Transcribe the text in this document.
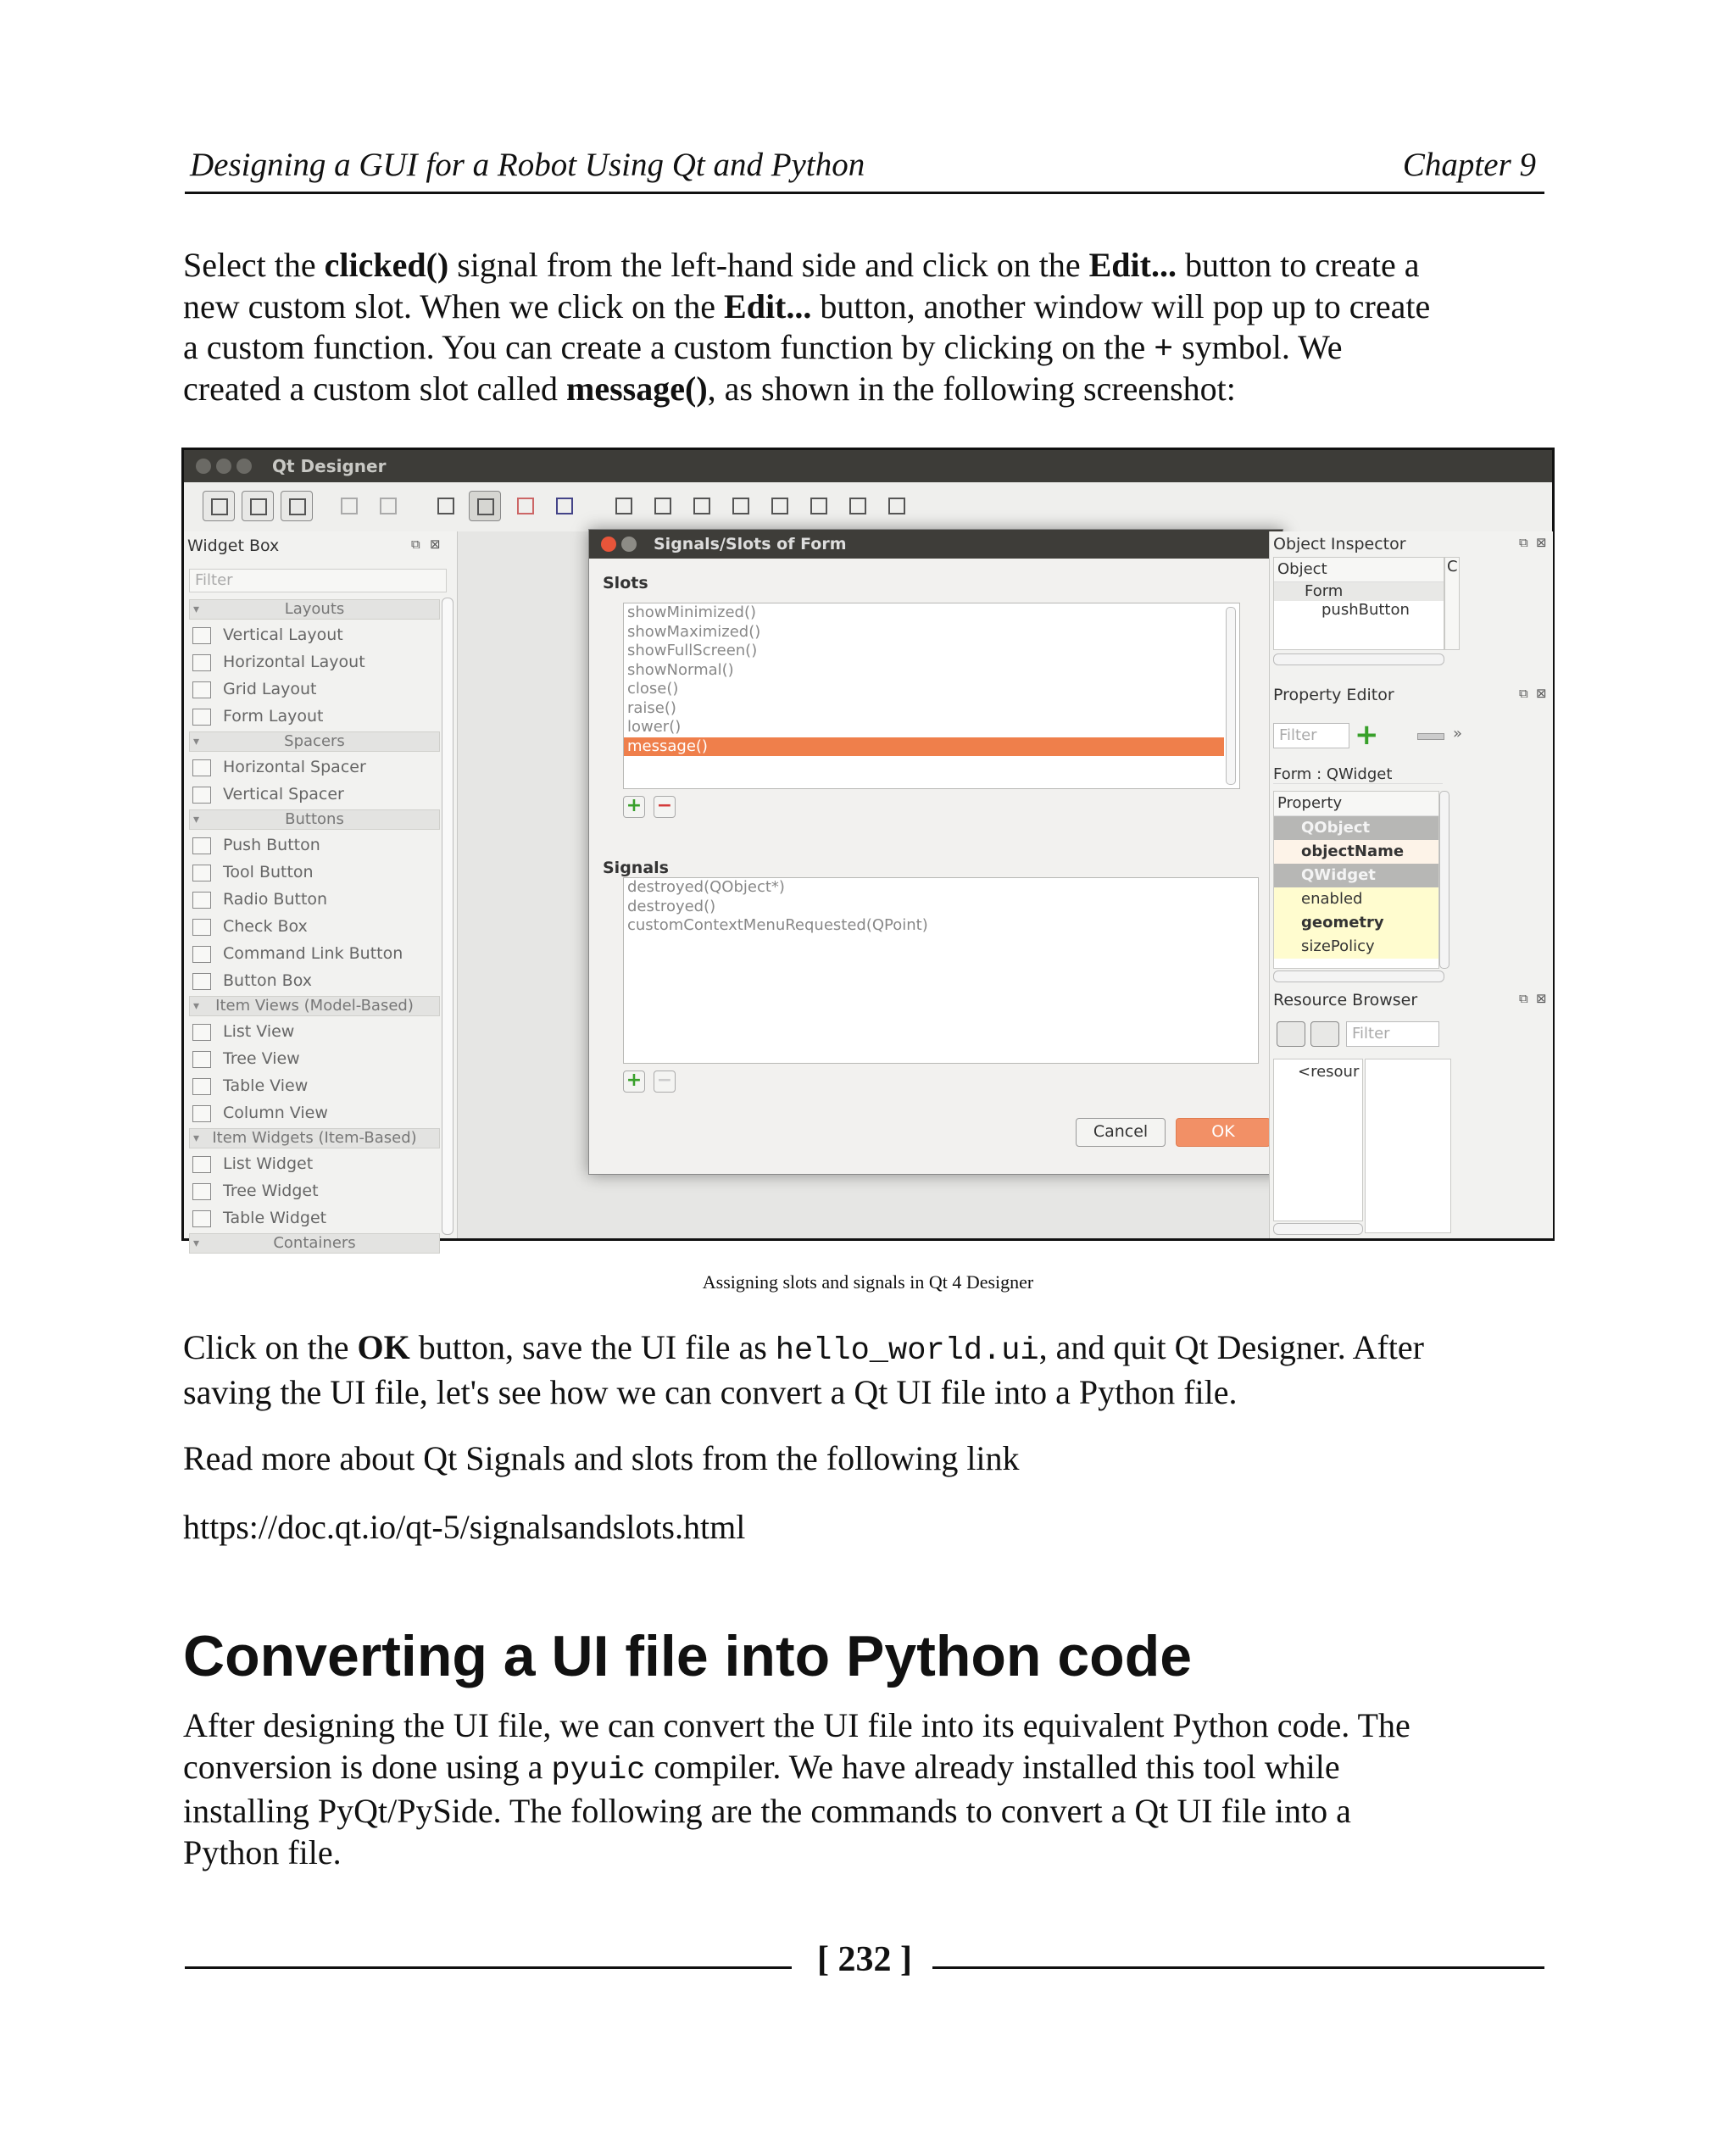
Designing a GUI for a Robot Using Qt and Python	Chapter 9
Select the clicked() signal from the left-hand side and click on the Edit... button to create a
new custom slot. When we click on the Edit... button, another window will pop up to create
a custom function. You can create a custom function by clicking on the + symbol. We
created a custom slot called message(), as shown in the following screenshot:
Qt Designer
Widget Box	⧉ ⊠
Filter
▾ Layouts
Vertical Layout
Horizontal Layout
Grid Layout
Form Layout
▾ Spacers
Horizontal Spacer
Vertical Spacer
▾ Buttons
Push Button
Tool Button
Radio Button
Check Box
Command Link Button
Button Box
▾ Item Views (Model-Based)
List View
Tree View
Table View
Column View
▾ Item Widgets (Item-Based)
List Widget
Tree Widget
Table Widget
▾ Containers
Signals/Slots of Form
Slots
showMinimized()
showMaximized()
showFullScreen()
showNormal()
close()
raise()
lower()
message()
+ −
Signals
destroyed(QObject*)
destroyed()
customContextMenuRequested(QPoint)
+ −
Cancel	OK
Object Inspector	⧉ ⊠
Object
Form
pushButton
C
Property Editor	⧉ ⊠
Filter	+	»
Form : QWidget
Property
QObject
objectName
QWidget
enabled
geometry
sizePolicy
Resource Browser	⧉ ⊠
Filter
<resour
Assigning slots and signals in Qt 4 Designer
Click on the OK button, save the UI file as hello_world.ui, and quit Qt Designer. After
saving the UI file, let's see how we can convert a Qt UI file into a Python file.
Read more about Qt Signals and slots from the following link
https://doc.qt.io/qt-5/signalsandslots.html
Converting a UI file into Python code
After designing the UI file, we can convert the UI file into its equivalent Python code. The
conversion is done using a pyuic compiler. We have already installed this tool while
installing PyQt/PySide. The following are the commands to convert a Qt UI file into a
Python file.
[ 232 ]
